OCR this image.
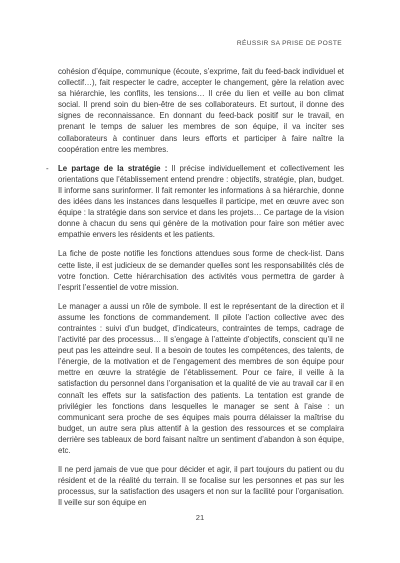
RÉUSSIR SA PRISE DE POSTE

cohésion d’équipe, communique (écoute, s’exprime, fait du feed-back individuel et collectif…), fait respecter le cadre, accepter le changement, gère la relation avec sa hiérarchie, les conflits, les tensions… Il crée du lien et veille au bon climat social. Il prend soin du bien-être de ses collaborateurs. Et surtout, il donne des signes de reconnaissance. En donnant du feed-back positif sur le travail, en prenant le temps de saluer les membres de son équipe, il va inciter ses collaborateurs à continuer dans leurs efforts et participer à faire naître la coopération entre les membres.

- Le partage de la stratégie : Il précise individuellement et collectivement les orientations que l’établissement entend prendre : objectifs, stratégie, plan, budget. Il informe sans surinformer. Il fait remonter les informations à sa hiérarchie, donne des idées dans les instances dans lesquelles il participe, met en œuvre avec son équipe : la stratégie dans son service et dans les projets… Ce partage de la vision donne à chacun du sens qui génère de la motivation pour faire son métier avec empathie envers les résidents et les patients.

La fiche de poste notifie les fonctions attendues sous forme de check-list. Dans cette liste, il est judicieux de se demander quelles sont les responsabilités clés de votre fonction. Cette hiérarchisation des activités vous permettra de garder à l’esprit l’essentiel de votre mission.

Le manager a aussi un rôle de symbole. Il est le représentant de la direction et il assume les fonctions de commandement. Il pilote l’action collective avec des contraintes : suivi d’un budget, d’indicateurs, contraintes de temps, cadrage de l’activité par des processus… Il s’engage à l’atteinte d’objectifs, conscient qu’il ne peut pas les atteindre seul. Il a besoin de toutes les compétences, des talents, de l’énergie, de la motivation et de l’engagement des membres de son équipe pour mettre en œuvre la stratégie de l’établissement. Pour ce faire, il veille à la satisfaction du personnel dans l’organisation et la qualité de vie au travail car il en connaît les effets sur la satisfaction des patients. La tentation est grande de privilégier les fonctions dans lesquelles le manager se sent à l’aise : un communicant sera proche de ses équipes mais pourra délaisser la maîtrise du budget, un autre sera plus attentif à la gestion des ressources et se complaira derrière ses tableaux de bord faisant naître un sentiment d’abandon à son équipe, etc.

Il ne perd jamais de vue que pour décider et agir, il part toujours du patient ou du résident et de la réalité du terrain. Il se focalise sur les personnes et pas sur les processus, sur la satisfaction des usagers et non sur la facilité pour l’organisation. Il veille sur son équipe en

21
